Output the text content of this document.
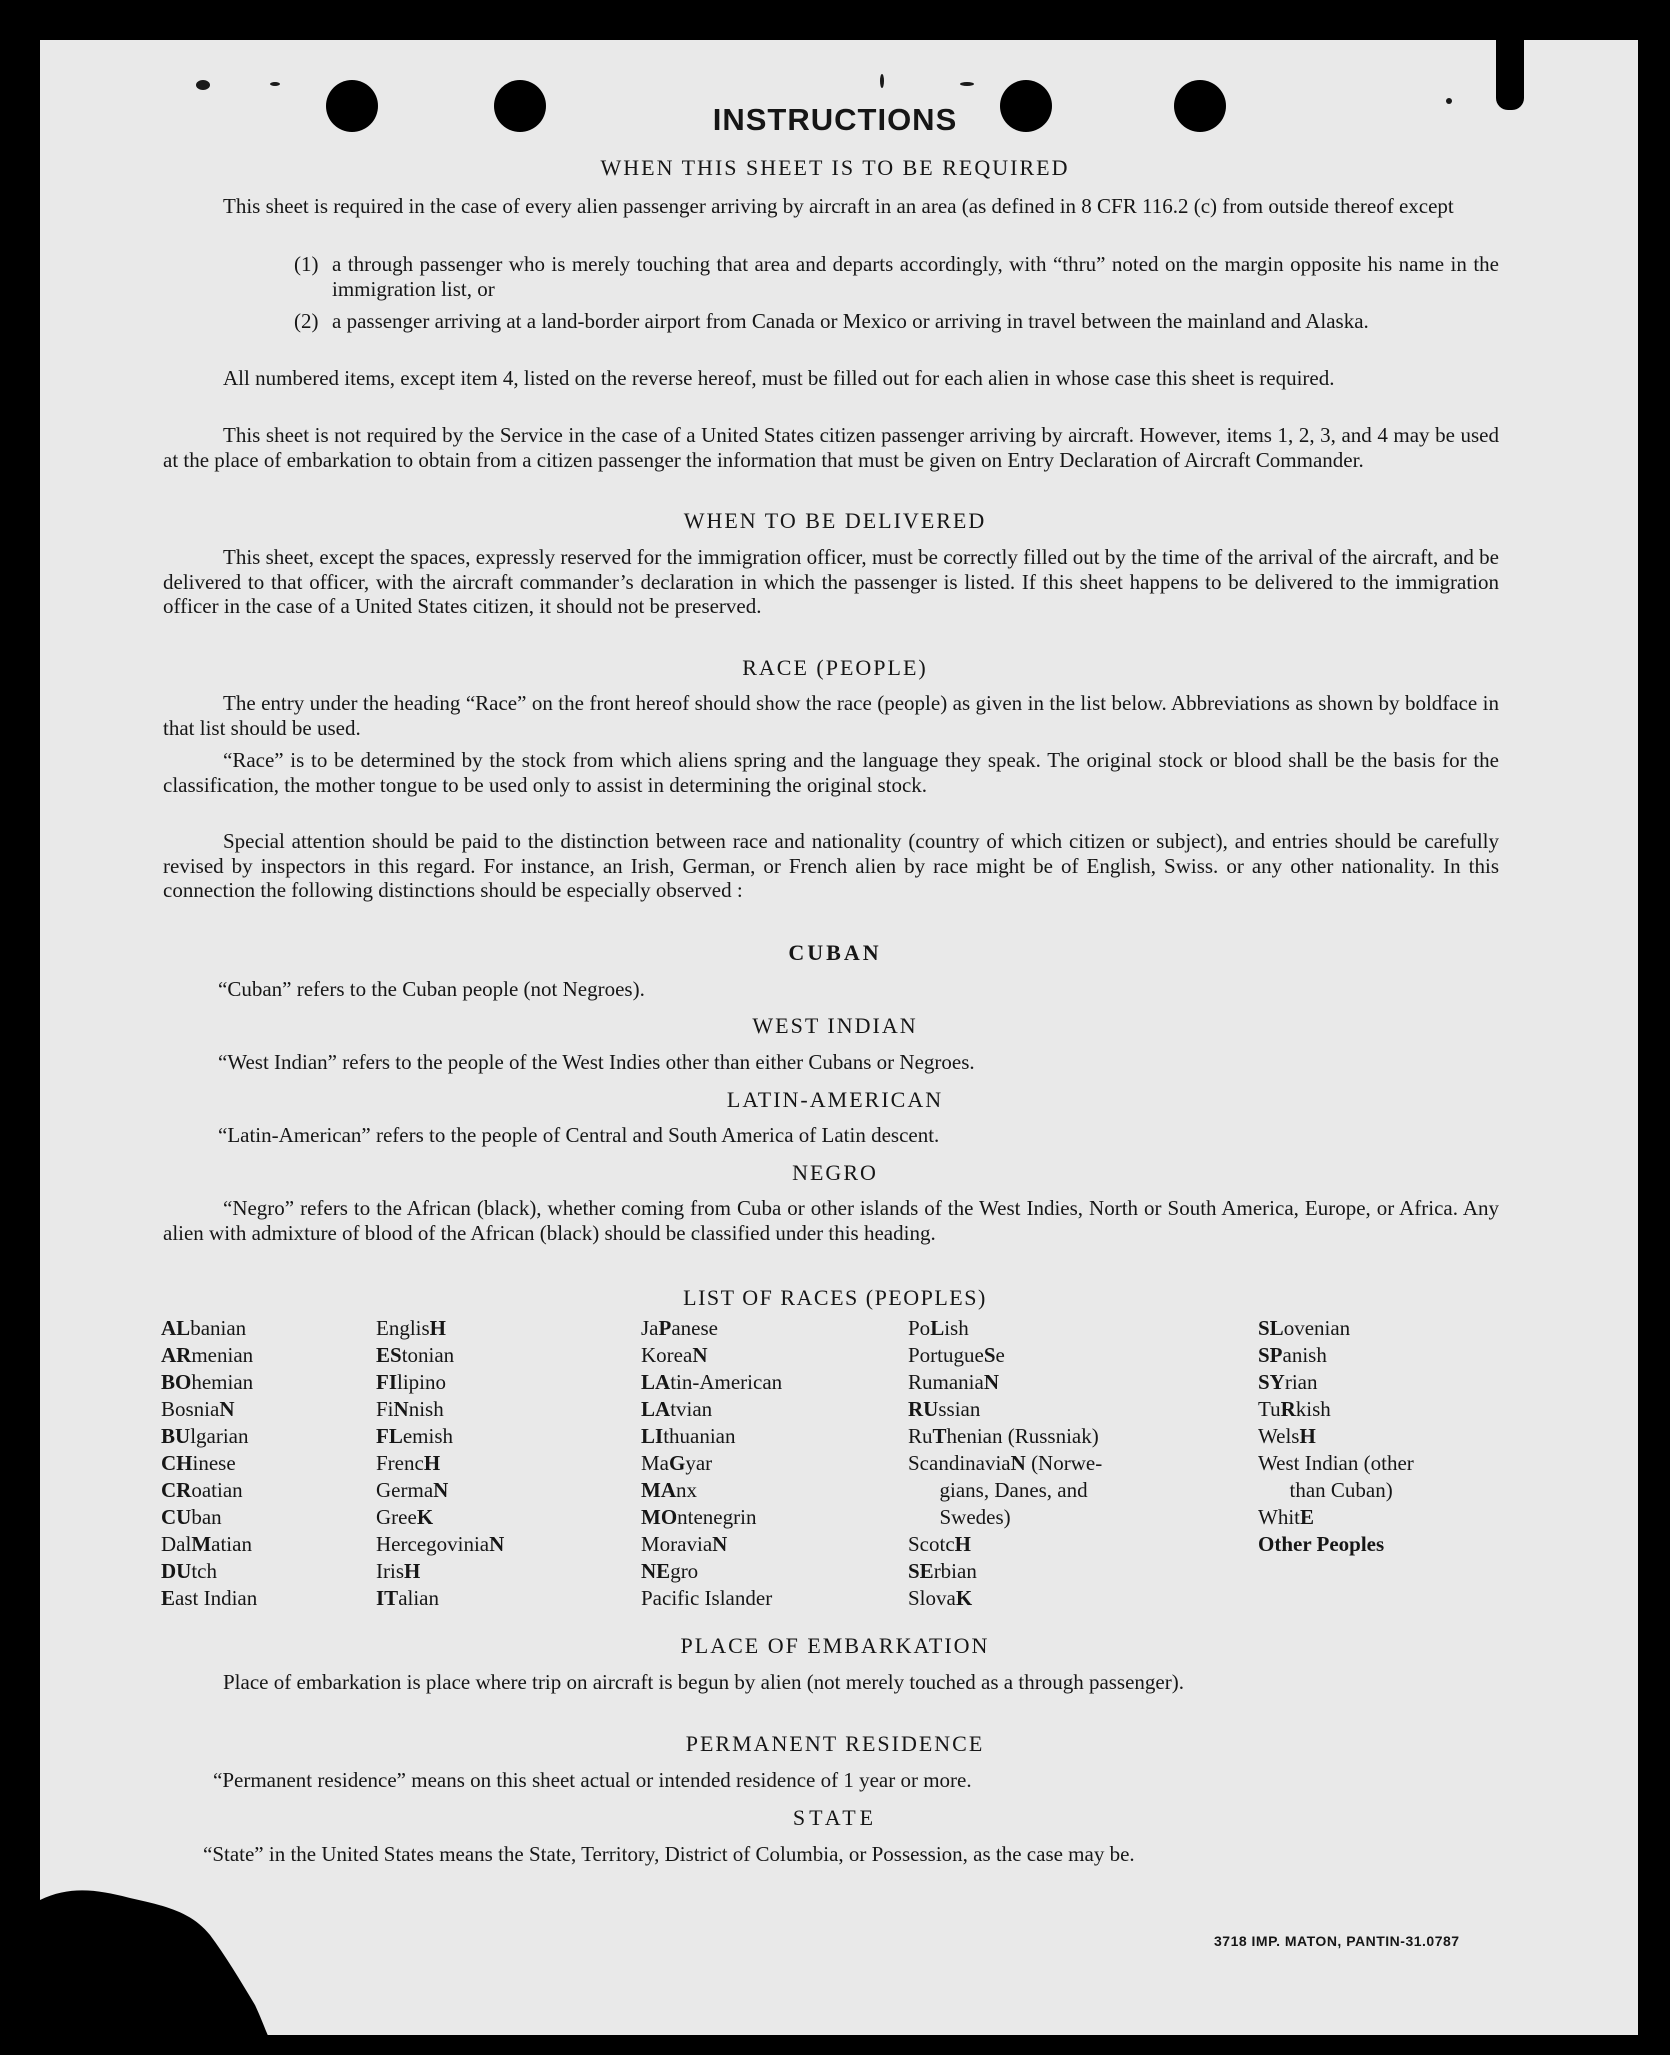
INSTRUCTIONS
WHEN THIS SHEET IS TO BE REQUIRED
This sheet is required in the case of every alien passenger arriving by aircraft in an area (as defined in 8 CFR 116.2 (c) from outside thereof except
(1) a through passenger who is merely touching that area and departs accordingly, with “thru” noted on the margin opposite his name in the immigration list, or
(2) a passenger arriving at a land-border airport from Canada or Mexico or arriving in travel between the mainland and Alaska.
All numbered items, except item 4, listed on the reverse hereof, must be filled out for each alien in whose case this sheet is required.
This sheet is not required by the Service in the case of a United States citizen passenger arriving by aircraft. However, items 1, 2, 3, and 4 may be used at the place of embarkation to obtain from a citizen passenger the information that must be given on Entry Declaration of Aircraft Commander.
WHEN TO BE DELIVERED
This sheet, except the spaces, expressly reserved for the immigration officer, must be correctly filled out by the time of the arrival of the aircraft, and be delivered to that officer, with the aircraft commander’s declaration in which the passenger is listed. If this sheet happens to be delivered to the immigration officer in the case of a United States citizen, it should not be preserved.
RACE (PEOPLE)
The entry under the heading “Race” on the front hereof should show the race (people) as given in the list below. Abbreviations as shown by boldface in that list should be used.
“Race” is to be determined by the stock from which aliens spring and the language they speak. The original stock or blood shall be the basis for the classification, the mother tongue to be used only to assist in determining the original stock.
Special attention should be paid to the distinction between race and nationality (country of which citizen or subject), and entries should be carefully revised by inspectors in this regard. For instance, an Irish, German, or French alien by race might be of English, Swiss. or any other nationality. In this connection the following distinctions should be especially observed :
CUBAN
“Cuban” refers to the Cuban people (not Negroes).
WEST INDIAN
“West Indian” refers to the people of the West Indies other than either Cubans or Negroes.
LATIN-AMERICAN
“Latin-American” refers to the people of Central and South America of Latin descent.
NEGRO
“Negro” refers to the African (black), whether coming from Cuba or other islands of the West Indies, North or South America, Europe, or Africa. Any alien with admixture of blood of the African (black) should be classified under this heading.
LIST OF RACES (PEOPLES)
ALbanian
ARmenian
BOhemian
BosniaN
BUlgarian
CHinese
CRoatian
CUban
DalMatian
DUtch
East Indian
EnglisH
EStonian
FIlipino
FiNnish
FLemish
FrencH
GermaN
GreeK
HercegoviniaN
IrisH
ITalian
JaPanese
KoreaN
LAtin-American
LAtvian
LIthuanian
MaGyar
MAnx
MOntenegrin
MoraviaN
NEgro
Pacific Islander
PoLish
PortugueSe
RumaniaN
RUssian
RuThenian (Russniak)
ScandinaviaN (Norwe-
gians, Danes, and
Swedes)
ScotcH
SErbian
SlovaK
SLovenian
SPanish
SYrian
TuRkish
WelsH
West Indian (other
than Cuban)
WhitE
Other Peoples
PLACE OF EMBARKATION
Place of embarkation is place where trip on aircraft is begun by alien (not merely touched as a through passenger).
PERMANENT RESIDENCE
“Permanent residence” means on this sheet actual or intended residence of 1 year or more.
STATE
“State” in the United States means the State, Territory, District of Columbia, or Possession, as the case may be.
3718 IMP. MATON, PANTIN-31.0787
